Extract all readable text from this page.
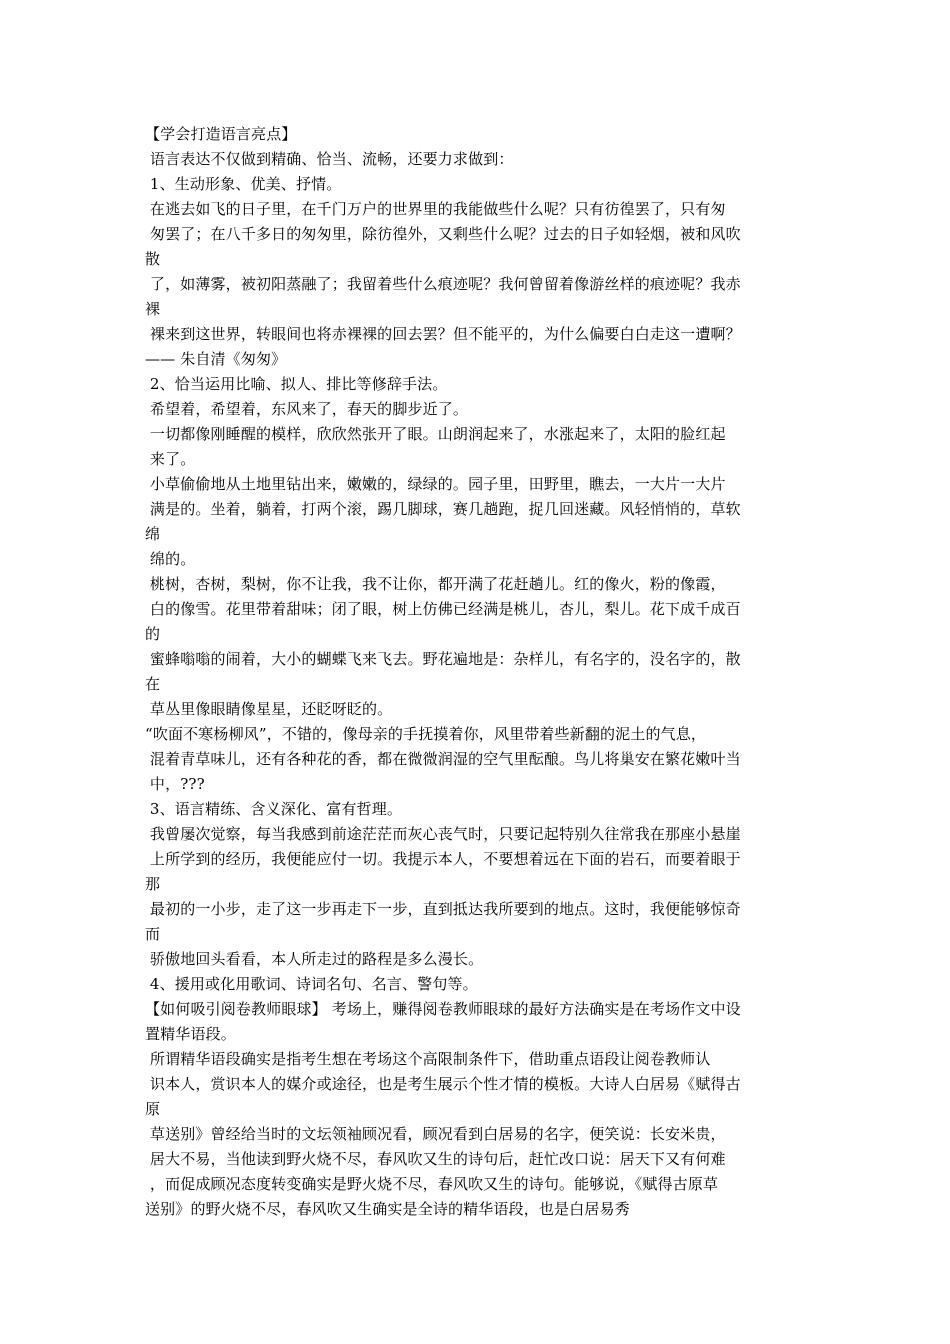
【学会打造语言亮点】
语言表达不仅做到精确、恰当、流畅，还要力求做到：
1、生动形象、优美、抒情。
在逃去如飞的日子里，在千门万户的世界里的我能做些什么呢？只有彷徨罢了，只有匆
匆罢了；在八千多日的匆匆里，除彷徨外，又剩些什么呢？过去的日子如轻烟，被和风吹
散
了，如薄雾，被初阳蒸融了；我留着些什么痕迹呢？我何曾留着像游丝样的痕迹呢？我赤
裸
裸来到这世界，转眼间也将赤裸裸的回去罢？但不能平的，为什么偏要白白走这一遭啊？
—— 朱自清《匆匆》
2、恰当运用比喻、拟人、排比等修辞手法。
希望着，希望着，东风来了，春天的脚步近了。
一切都像刚睡醒的模样，欣欣然张开了眼。山朗润起来了，水涨起来了，太阳的脸红起
来了。
小草偷偷地从土地里钻出来，嫩嫩的，绿绿的。园子里，田野里，瞧去，一大片一大片
满是的。坐着，躺着，打两个滚，踢几脚球，赛几趟跑，捉几回迷藏。风轻悄悄的，草软
绵
绵的。
桃树，杏树，梨树，你不让我，我不让你，都开满了花赶趟儿。红的像火，粉的像霞，
白的像雪。花里带着甜味；闭了眼，树上仿佛已经满是桃儿，杏儿，梨儿。花下成千成百
的
蜜蜂嗡嗡的闹着，大小的蝴蝶飞来飞去。野花遍地是：杂样儿，有名字的，没名字的，散
在
草丛里像眼睛像星星，还眨呀眨的。
“吹面不寒杨柳风”，不错的，像母亲的手抚摸着你，风里带着些新翻的泥土的气息，
混着青草味儿，还有各种花的香，都在微微润湿的空气里酝酿。鸟儿将巢安在繁花嫩叶当
中，???
3、语言精练、含义深化、富有哲理。
我曾屡次觉察，每当我感到前途茫茫而灰心丧气时，只要记起特别久往常我在那座小悬崖
上所学到的经历，我便能应付一切。我提示本人，不要想着远在下面的岩石，而要着眼于
那
最初的一小步，走了这一步再走下一步，直到抵达我所要到的地点。这时，我便能够惊奇
而
骄傲地回头看看，本人所走过的路程是多么漫长。
4、援用或化用歌词、诗词名句、名言、警句等。
【如何吸引阅卷教师眼球】 考场上，赚得阅卷教师眼球的最好方法确实是在考场作文中设
置精华语段。
所谓精华语段确实是指考生想在考场这个高限制条件下，借助重点语段让阅卷教师认
识本人，赏识本人的媒介或途径，也是考生展示个性才情的模板。大诗人白居易《赋得古
原
草送别》曾经给当时的文坛领袖顾况看，顾况看到白居易的名字，便笑说：长安米贵，
居大不易，当他读到野火烧不尽，春风吹又生的诗句后，赶忙改口说：居天下又有何难
，而促成顾况态度转变确实是野火烧不尽，春风吹又生的诗句。能够说，《赋得古原草
送别》的野火烧不尽，春风吹又生确实是全诗的精华语段，也是白居易秀
